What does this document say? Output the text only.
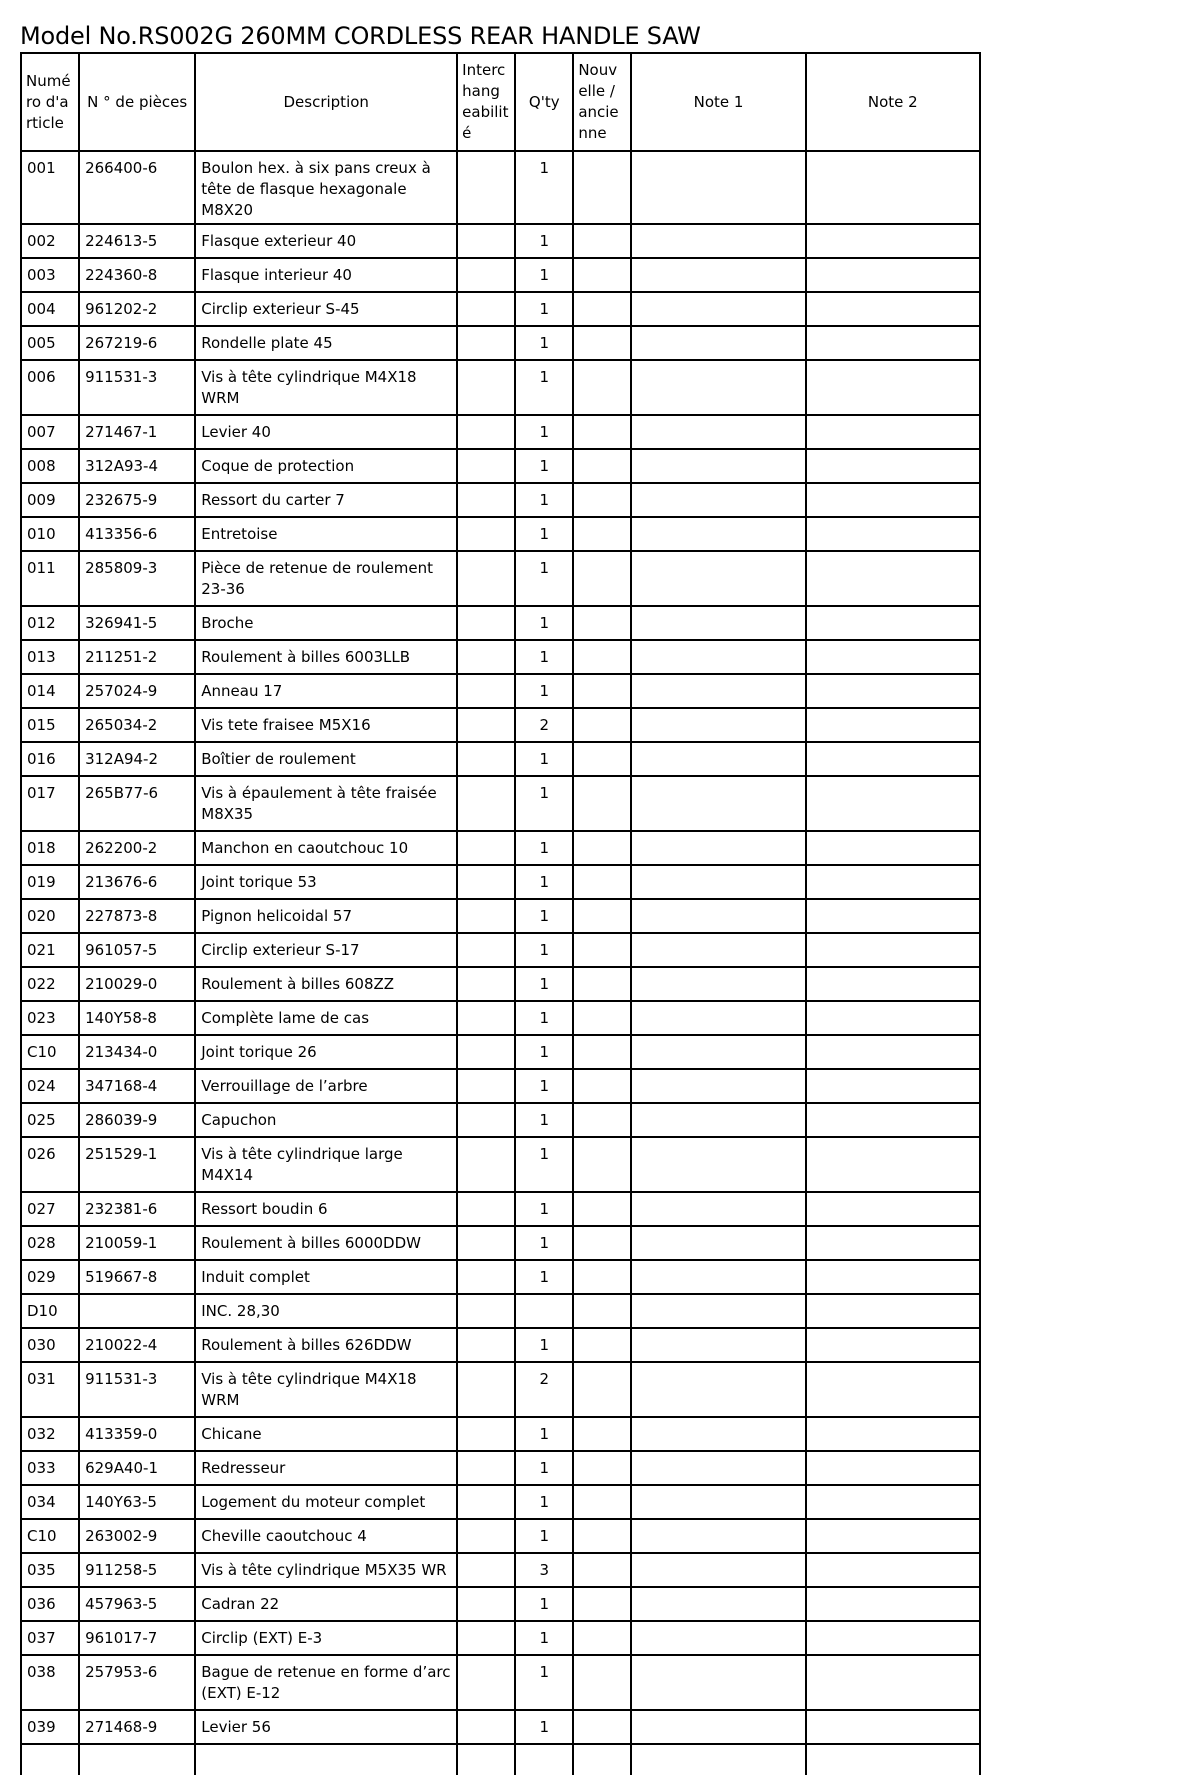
Model No.RS002G 260MM CORDLESS REAR HANDLE SAW
Numé ro d'a rticle	N ° de pièces	Description	Interc hang eabilit é	Q'ty	Nouv elle / ancie nne	Note 1	Note 2
001	266400-6	Boulon hex. à six pans creux à tête de flasque hexagonale M8X20		1			
002	224613-5	Flasque exterieur 40		1			
003	224360-8	Flasque interieur 40		1			
004	961202-2	Circlip exterieur S-45		1			
005	267219-6	Rondelle plate 45		1			
006	911531-3	Vis à tête cylindrique M4X18 WRM		1			
007	271467-1	Levier 40		1			
008	312A93-4	Coque de protection		1			
009	232675-9	Ressort du carter 7		1			
010	413356-6	Entretoise		1			
011	285809-3	Pièce de retenue de roulement 23-36		1			
012	326941-5	Broche		1			
013	211251-2	Roulement à billes 6003LLB		1			
014	257024-9	Anneau 17		1			
015	265034-2	Vis tete fraisee M5X16		2			
016	312A94-2	Boîtier de roulement		1			
017	265B77-6	Vis à épaulement à tête fraisée M8X35		1			
018	262200-2	Manchon en caoutchouc 10		1			
019	213676-6	Joint torique 53		1			
020	227873-8	Pignon helicoidal 57		1			
021	961057-5	Circlip exterieur S-17		1			
022	210029-0	Roulement à billes 608ZZ		1			
023	140Y58-8	Complète lame de cas		1			
C10	213434-0	Joint torique 26		1			
024	347168-4	Verrouillage de l’arbre		1			
025	286039-9	Capuchon		1			
026	251529-1	Vis à tête cylindrique large M4X14		1			
027	232381-6	Ressort boudin 6		1			
028	210059-1	Roulement à billes 6000DDW		1			
029	519667-8	Induit complet		1			
D10		INC. 28,30					
030	210022-4	Roulement à billes 626DDW		1			
031	911531-3	Vis à tête cylindrique M4X18 WRM		2			
032	413359-0	Chicane		1			
033	629A40-1	Redresseur		1			
034	140Y63-5	Logement du moteur complet		1			
C10	263002-9	Cheville caoutchouc 4		1			
035	911258-5	Vis à tête cylindrique M5X35 WR		3			
036	457963-5	Cadran 22		1			
037	961017-7	Circlip (EXT) E-3		1			
038	257953-6	Bague de retenue en forme d’arc (EXT) E-12		1			
039	271468-9	Levier 56		1			
